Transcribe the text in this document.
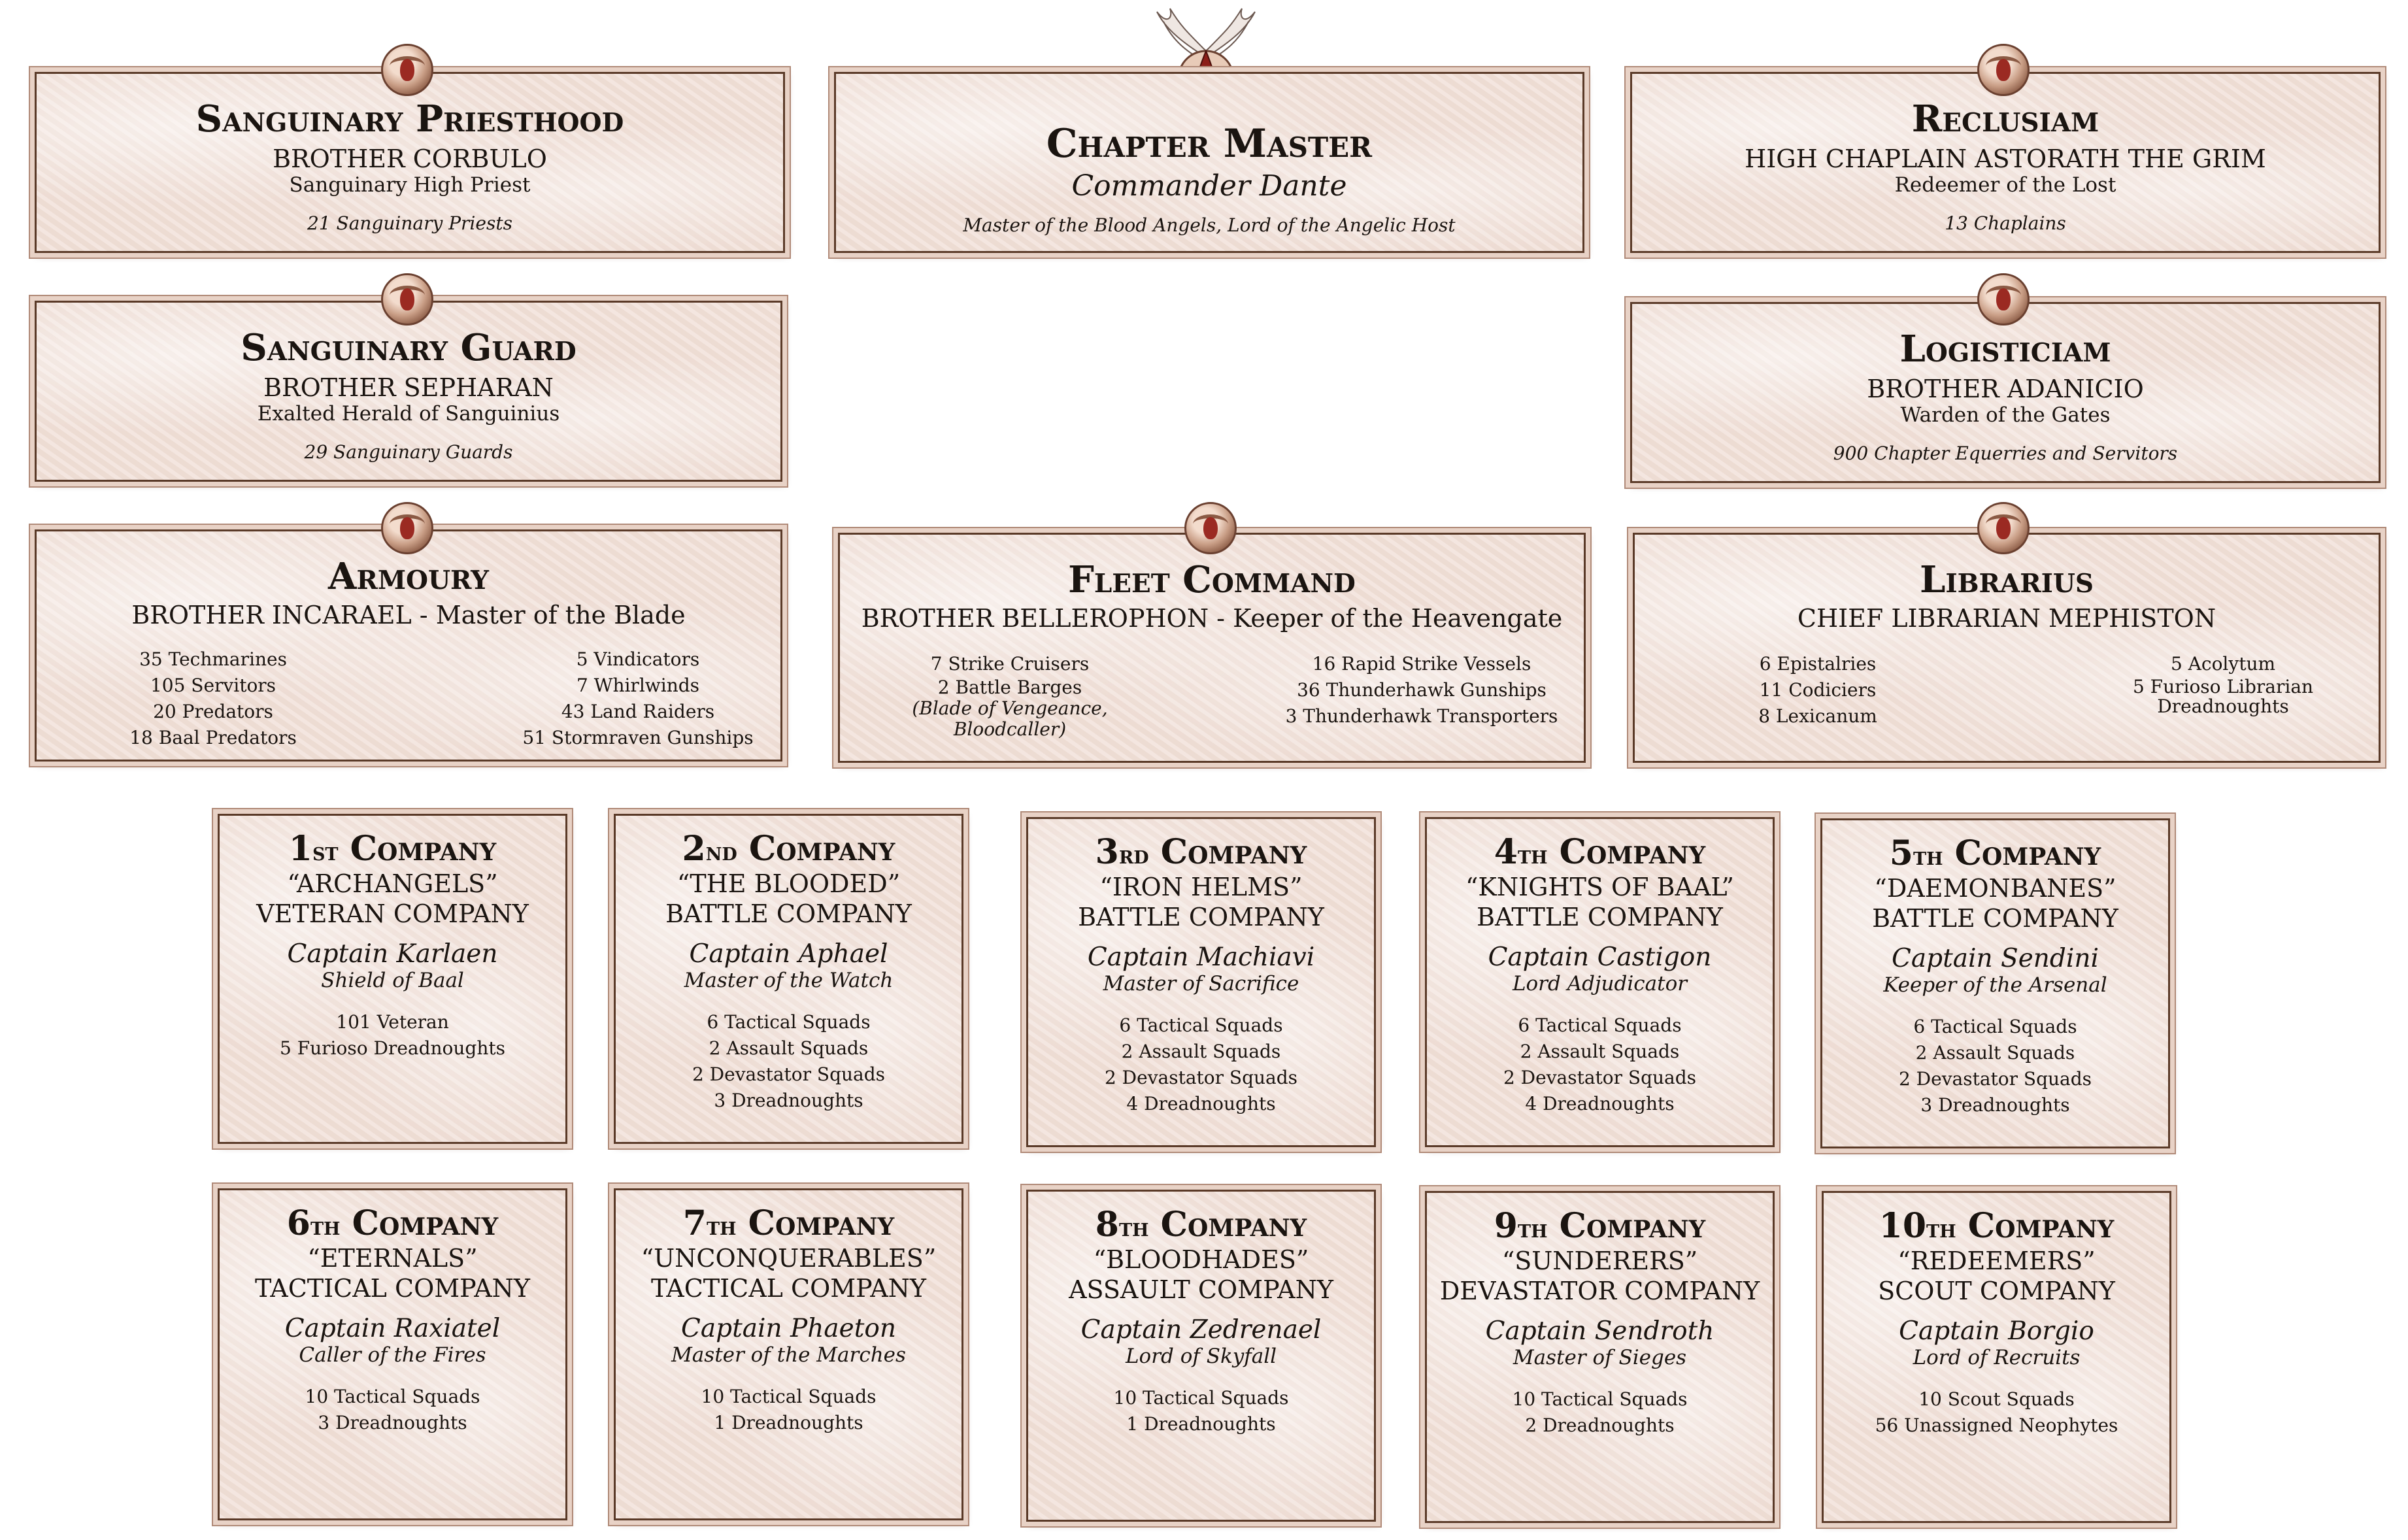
Sanguinary Priesthood
BROTHER CORBULO
Sanguinary High Priest
21 Sanguinary Priests
Chapter Master
Commander Dante
Master of the Blood Angels, Lord of the Angelic Host
Reclusiam
HIGH CHAPLAIN ASTORATH THE GRIM
Redeemer of the Lost
13 Chaplains
Sanguinary Guard
BROTHER SEPHARAN
Exalted Herald of Sanguinius
29 Sanguinary Guards
Logisticiam
BROTHER ADANICIO
Warden of the Gates
900 Chapter Equerries and Servitors
Armoury
BROTHER INCARAEL - Master of the Blade
35 Techmarines
105 Servitors
20 Predators
18 Baal Predators
5 Vindicators
7 Whirlwinds
43 Land Raiders
51 Stormraven Gunships
Fleet Command
BROTHER BELLEROPHON - Keeper of the Heavengate
7 Strike Cruisers
2 Battle Barges
(Blade of Vengeance, Bloodcaller)
16 Rapid Strike Vessels
36 Thunderhawk Gunships
3 Thunderhawk Transporters
Librarius
CHIEF LIBRARIAN MEPHISTON
6 Epistalries
11 Codiciers
8 Lexicanum
5 Acolytum
5 Furioso Librarian
Dreadnoughts
1st Company
“ARCHANGELS”
VETERAN COMPANY
Captain Karlaen
Shield of Baal
101 Veteran
5 Furioso Dreadnoughts
2nd Company
“THE BLOODED”
BATTLE COMPANY
Captain Aphael
Master of the Watch
6 Tactical Squads
2 Assault Squads
2 Devastator Squads
3 Dreadnoughts
3rd Company
“IRON HELMS”
BATTLE COMPANY
Captain Machiavi
Master of Sacrifice
6 Tactical Squads
2 Assault Squads
2 Devastator Squads
4 Dreadnoughts
4th Company
“KNIGHTS OF BAAL”
BATTLE COMPANY
Captain Castigon
Lord Adjudicator
6 Tactical Squads
2 Assault Squads
2 Devastator Squads
4 Dreadnoughts
5th Company
“DAEMONBANES”
BATTLE COMPANY
Captain Sendini
Keeper of the Arsenal
6 Tactical Squads
2 Assault Squads
2 Devastator Squads
3 Dreadnoughts
6th Company
“ETERNALS”
TACTICAL COMPANY
Captain Raxiatel
Caller of the Fires
10 Tactical Squads
3 Dreadnoughts
7th Company
“UNCONQUERABLES”
TACTICAL COMPANY
Captain Phaeton
Master of the Marches
10 Tactical Squads
1 Dreadnoughts
8th Company
“BLOODHADES”
ASSAULT COMPANY
Captain Zedrenael
Lord of Skyfall
10 Tactical Squads
1 Dreadnoughts
9th Company
“SUNDERERS”
DEVASTATOR COMPANY
Captain Sendroth
Master of Sieges
10 Tactical Squads
2 Dreadnoughts
10th Company
“REDEEMERS”
SCOUT COMPANY
Captain Borgio
Lord of Recruits
10 Scout Squads
56 Unassigned Neophytes
